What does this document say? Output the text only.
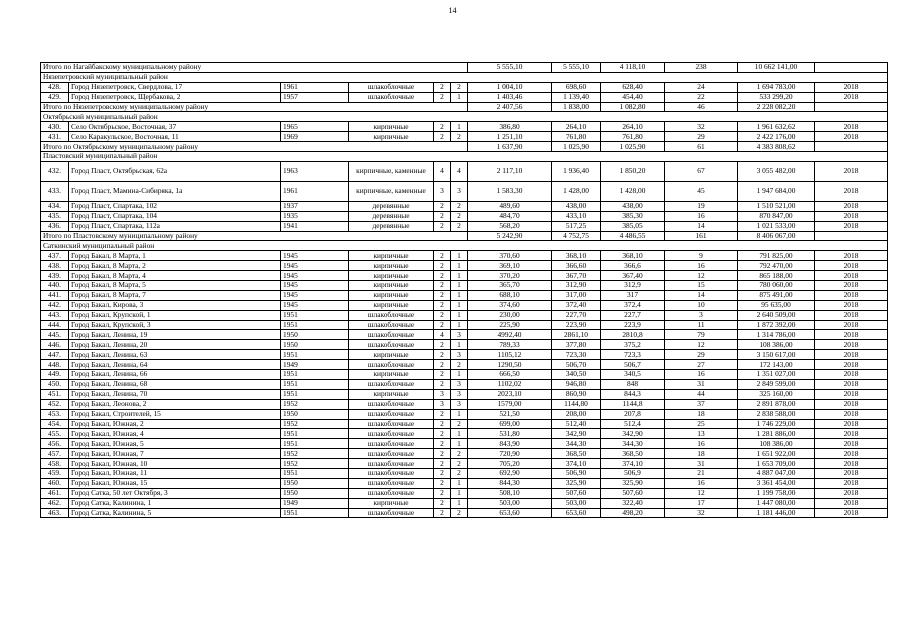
14
Итого по Нагайбакскому муниципальному району						5 555,10	5 555,10	4 118,10	238	10 662 141,00	
Нязепетровский муниципальный район											
428.	Город Нязепетровск, Свердлова, 17	1961	шлакоблочные	2	2	1 004,10	698,60	628,40	24	1 694 783,00	2018
429.	Город Нязепетровск, Щербакова, 2	1957	шлакоблочные	2	1	1 403,46	1 139,40	454,40	22	533 299,20	2018
Итого по Нязепетровскому муниципальному району						2 407,56	1 838,00	1 082,80	46	2 228 082,20	
Октябрьский муниципальный район											
430.	Село Октябрьское, Восточная, 37	1965	кирпичные	2	1	386,80	264,10	264,10	32	1 961 632,62	2018
431.	Село Каракульское, Восточная, 11	1969	кирпичные	2	2	1 251,10	761,80	761,80	29	2 422 176,00	2018
Итого по Октябрьскому муниципальному району						1 637,90	1 025,90	1 025,90	61	4 383 808,62	
Пластовский муниципальный район											
432.	Город Пласт, Октябрьская, 62а	1963	кирпичные, каменные	4	4	2 117,10	1 936,40	1 850,20	67	3 055 482,00	2018
433.	Город Пласт, Мамина-Сибиряка, 1а	1961	кирпичные, каменные	3	3	1 583,30	1 428,00	1 428,00	45	1 947 684,00	2018
434.	Город Пласт, Спартака, 102	1937	деревянные	2	2	489,60	438,00	438,00	19	1 510 521,00	2018
435.	Город Пласт, Спартака, 104	1935	деревянные	2	2	484,70	433,10	385,30	16	870 847,00	2018
436.	Город Пласт, Спартака, 112а	1941	деревянные	2	2	568,20	517,25	385,05	14	1 021 533,00	2018
Итого по Пластовскому муниципальному району						5 242,90	4 752,75	4 486,55	161	8 406 067,00	
Саткинский муниципальный район											
437.	Город Бакал, 8 Марта, 1	1945	кирпичные	2	1	370,60	368,10	368,10	9	791 825,00	2018
438.	Город Бакал, 8 Марта, 2	1945	кирпичные	2	1	369,10	366,60	366,6	16	792 470,00	2018
439.	Город Бакал, 8 Марта, 4	1945	кирпичные	2	1	370,20	367,70	367,40	12	865 188,00	2018
440.	Город Бакал, 8 Марта, 5	1945	кирпичные	2	1	365,70	312,90	312,9	15	780 060,00	2018
441.	Город Бакал, 8 Марта, 7	1945	кирпичные	2	1	688,10	317,00	317	14	875 491,00	2018
442.	Город Бакал, Кирова, 3	1945	кирпичные	2	1	374,60	372,40	372,4	10	95 635,00	2018
443.	Город Бакал, Крупской, 1	1951	шлакоблочные	2	1	230,00	227,70	227,7	3	2 640 509,00	2018
444.	Город Бакал, Крупской, 3	1951	шлакоблочные	2	1	225,90	223,90	223,9	11	1 872 392,00	2018
445.	Город Бакал, Ленина, 19	1950	шлакоблочные	4	3	4992,40	2861,10	2810,8	79	1 314 786,00	2018
446.	Город Бакал, Ленина, 20	1950	шлакоблочные	2	1	789,33	377,80	375,2	12	108 386,00	2018
447.	Город Бакал, Ленина, 63	1951	кирпичные	2	3	1105,12	723,30	723,3	29	3 150 617,00	2018
448.	Город Бакал, Ленина, 64	1949	шлакоблочные	2	2	1290,50	506,70	506,7	27	172 143,00	2018
449.	Город Бакал, Ленина, 66	1951	кирпичные	2	1	666,50	340,50	340,5	16	1 351 027,00	2018
450.	Город Бакал, Ленина, 68	1951	шлакоблочные	2	3	1102,02	946,80	848	31	2 849 599,00	2018
451.	Город Бакал, Ленина, 70	1951	кирпичные	3	3	2023,10	860,90	844,3	44	325 160,00	2018
452.	Город Бакал, Леонова, 2	1952	шлакоблочные	3	3	1579,00	1144,80	1144,8	37	2 891 878,00	2018
453.	Город Бакал, Строителей, 15	1950	шлакоблочные	2	1	521,50	208,00	207,8	18	2 838 588,00	2018
454.	Город Бакал, Южная, 2	1952	шлакоблочные	2	2	699,00	512,40	512,4	25	1 746 229,00	2018
455.	Город Бакал, Южная, 4	1951	шлакоблочные	2	1	531,80	342,90	342,90	13	1 281 886,00	2018
456.	Город Бакал, Южная, 5	1951	шлакоблочные	2	1	843,90	344,30	344,30	16	108 386,00	2018
457.	Город Бакал, Южная, 7	1952	шлакоблочные	2	2	720,90	368,50	368,50	18	1 651 922,00	2018
458.	Город Бакал, Южная, 10	1952	шлакоблочные	2	2	705,20	374,10	374,10	31	1 653 709,00	2018
459.	Город Бакал, Южная, 11	1951	шлакоблочные	2	2	692,90	506,90	506,9	21	4 887 047,00	2018
460.	Город Бакал, Южная, 15	1950	шлакоблочные	2	1	844,30	325,90	325,90	16	3 361 454,00	2018
461.	Город Сатка, 50 лет Октября, 3	1950	шлакоблочные	2	1	508,10	507,60	507,60	12	1 199 758,00	2018
462.	Город Сатка, Калинина, 1	1949	кирпичные	2	1	503,00	503,00	322,40	17	1 447 080,00	2018
463.	Город Сатка, Калинина, 5	1951	шлакоблочные	2	2	653,60	653,60	498,20	32	1 181 446,00	2018
